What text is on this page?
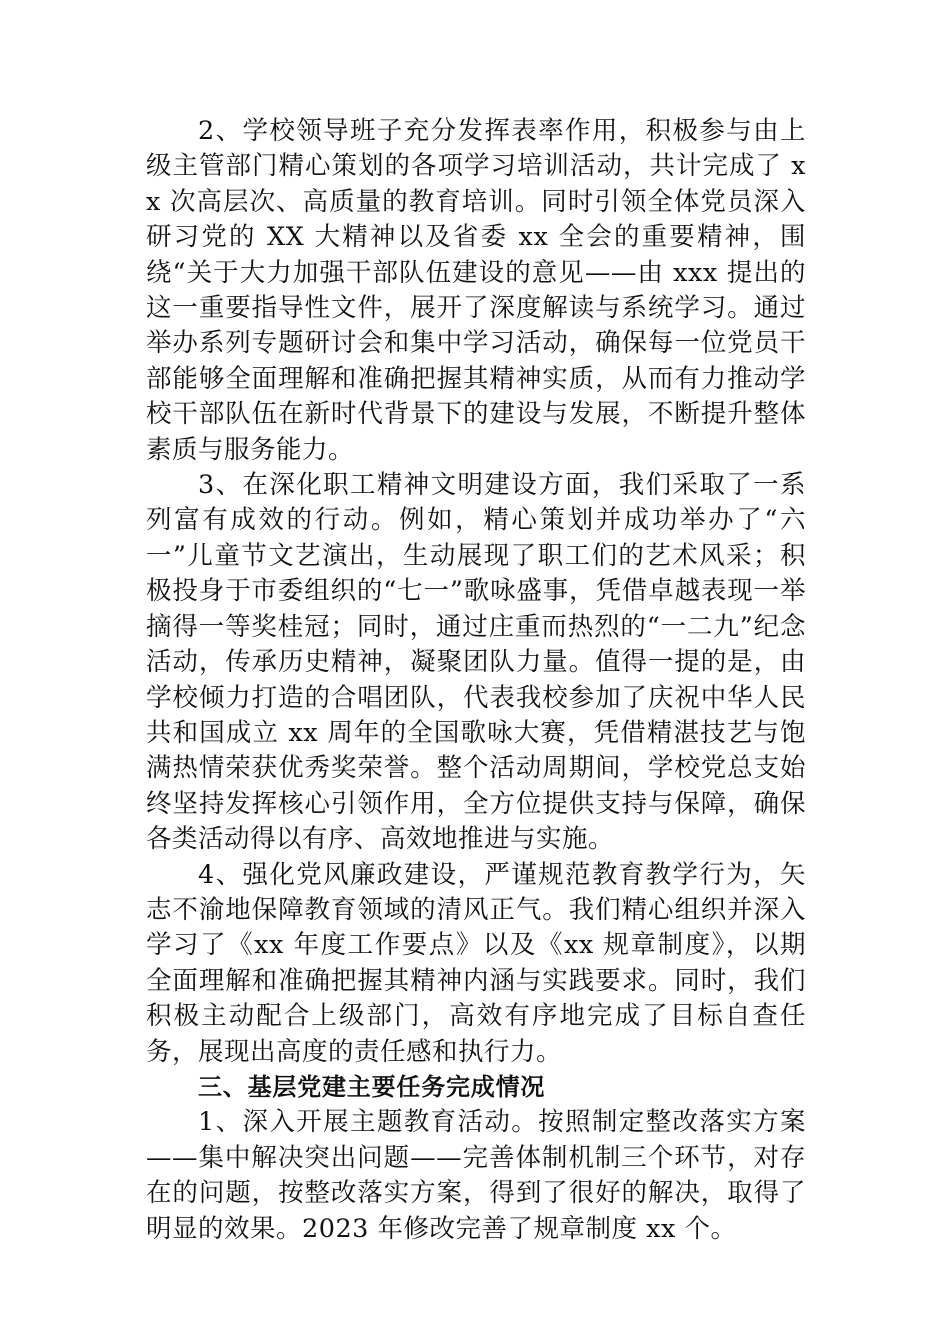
2、学校领导班子充分发挥表率作用，积极参与由上级主管部门精心策划的各项学习培训活动，共计完成了 xx 次高层次、高质量的教育培训。同时引领全体党员深入研习党的 XX 大精神以及省委 xx 全会的重要精神，围绕“关于大力加强干部队伍建设的意见——由 xxx 提出的这一重要指导性文件，展开了深度解读与系统学习。通过举办系列专题研讨会和集中学习活动，确保每一位党员干部能够全面理解和准确把握其精神实质，从而有力推动学校干部队伍在新时代背景下的建设与发展，不断提升整体素质与服务能力。

3、在深化职工精神文明建设方面，我们采取了一系列富有成效的行动。例如，精心策划并成功举办了“六一”儿童节文艺演出，生动展现了职工们的艺术风采；积极投身于市委组织的“七一”歌咏盛事，凭借卓越表现一举摘得一等奖桂冠；同时，通过庄重而热烈的“一二九”纪念活动，传承历史精神，凝聚团队力量。值得一提的是，由学校倾力打造的合唱团队，代表我校参加了庆祝中华人民共和国成立 xx 周年的全国歌咏大赛，凭借精湛技艺与饱满热情荣获优秀奖荣誉。整个活动周期间，学校党总支始终坚持发挥核心引领作用，全方位提供支持与保障，确保各类活动得以有序、高效地推进与实施。

4、强化党风廉政建设，严谨规范教育教学行为，矢志不渝地保障教育领域的清风正气。我们精心组织并深入学习了《xx 年度工作要点》以及《xx 规章制度》，以期全面理解和准确把握其精神内涵与实践要求。同时，我们积极主动配合上级部门，高效有序地完成了目标自查任务，展现出高度的责任感和执行力。

三、基层党建主要任务完成情况

1、深入开展主题教育活动。按照制定整改落实方案——集中解决突出问题——完善体制机制三个环节，对存在的问题，按整改落实方案，得到了很好的解决，取得了明显的效果。2023 年修改完善了规章制度 xx 个。
